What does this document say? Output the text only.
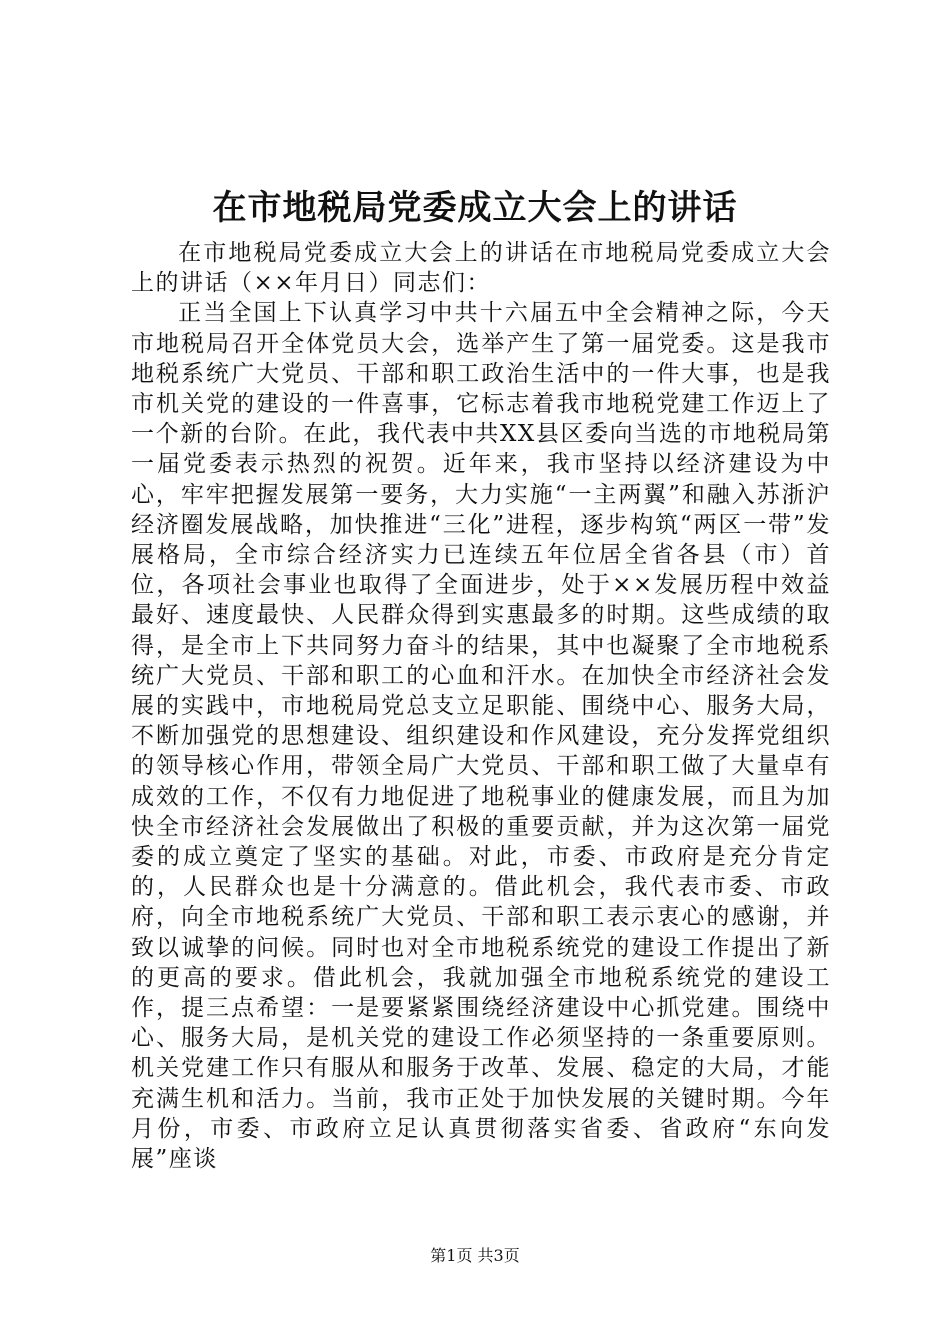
在市地税局党委成立大会上的讲话

在市地税局党委成立大会上的讲话在市地税局党委成立大会上的讲话（××年月日）同志们：

正当全国上下认真学习中共十六届五中全会精神之际，今天市地税局召开全体党员大会，选举产生了第一届党委。这是我市地税系统广大党员、干部和职工政治生活中的一件大事，也是我市机关党的建设的一件喜事，它标志着我市地税党建工作迈上了一个新的台阶。在此，我代表中共XX县区委向当选的市地税局第一届党委表示热烈的祝贺。近年来，我市坚持以经济建设为中心，牢牢把握发展第一要务，大力实施“一主两翼”和融入苏浙沪经济圈发展战略，加快推进“三化”进程，逐步构筑“两区一带”发展格局，全市综合经济实力已连续五年位居全省各县（市）首位，各项社会事业也取得了全面进步，处于××发展历程中效益最好、速度最快、人民群众得到实惠最多的时期。这些成绩的取得，是全市上下共同努力奋斗的结果，其中也凝聚了全市地税系统广大党员、干部和职工的心血和汗水。在加快全市经济社会发展的实践中，市地税局党总支立足职能、围绕中心、服务大局，不断加强党的思想建设、组织建设和作风建设，充分发挥党组织的领导核心作用，带领全局广大党员、干部和职工做了大量卓有成效的工作，不仅有力地促进了地税事业的健康发展，而且为加快全市经济社会发展做出了积极的重要贡献，并为这次第一届党委的成立奠定了坚实的基础。对此，市委、市政府是充分肯定的，人民群众也是十分满意的。借此机会，我代表市委、市政府，向全市地税系统广大党员、干部和职工表示衷心的感谢，并致以诚挚的问候。同时也对全市地税系统党的建设工作提出了新的更高的要求。借此机会，我就加强全市地税系统党的建设工作，提三点希望：一是要紧紧围绕经济建设中心抓党建。围绕中心、服务大局，是机关党的建设工作必须坚持的一条重要原则。机关党建工作只有服从和服务于改革、发展、稳定的大局，才能充满生机和活力。当前，我市正处于加快发展的关键时期。今年月份，市委、市政府立足认真贯彻落实省委、省政府“东向发展”座谈

第1页 共3页
